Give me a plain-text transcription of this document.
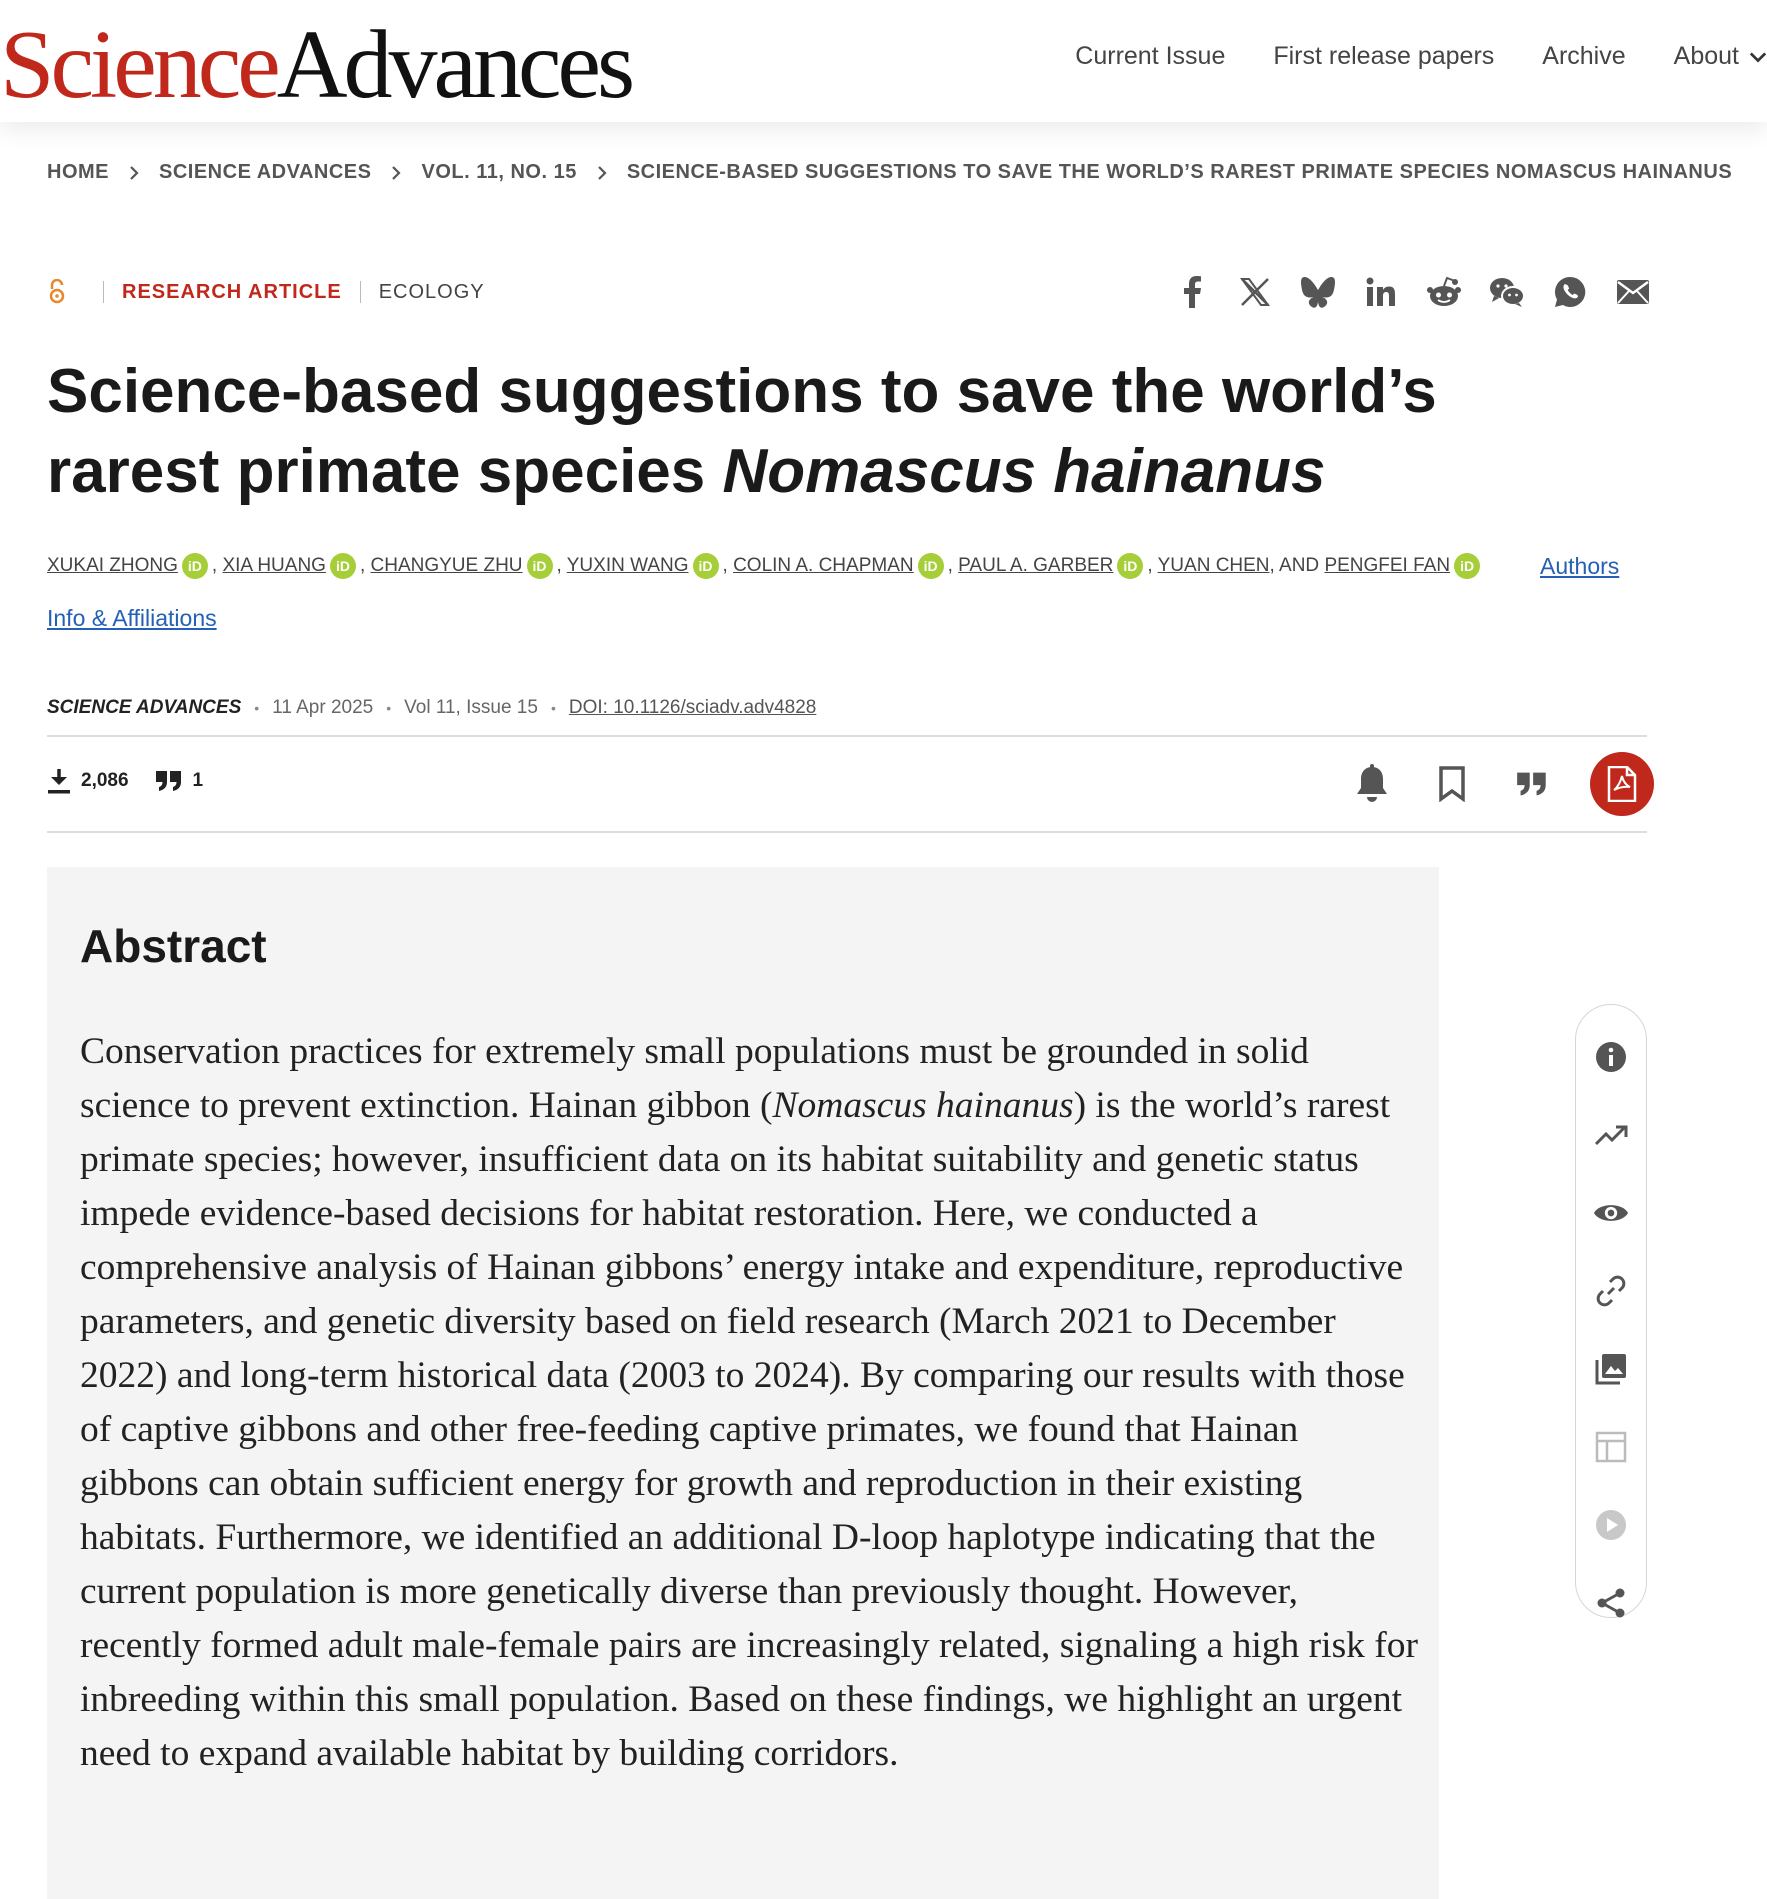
ScienceAdvances	Current Issue First release papers Archive About
HOME	SCIENCE ADVANCES	VOL. 11, NO. 15	SCIENCE-BASED SUGGESTIONS TO SAVE THE WORLD’S RAREST PRIMATE SPECIES NOMASCUS HAINANUS
RESEARCH ARTICLE ECOLOGY
Science-based suggestions to save the world’s rarest primate species Nomascus hainanus
XUKAI ZHONG iD , XIA HUANG iD , CHANGYUE ZHU iD , YUXIN WANG iD , COLIN A. CHAPMAN iD , PAUL A. GARBER iD , YUAN CHEN, AND PENGFEI FAN iD	Authors
Info & Affiliations
SCIENCE ADVANCES • 11 Apr 2025 • Vol 11, Issue 15 • DOI: 10.1126/sciadv.adv4828
2,086	1
Abstract

Conservation practices for extremely small populations must be grounded in solid science to prevent extinction. Hainan gibbon (Nomascus hainanus) is the world’s rarest primate species; however, insufficient data on its habitat suitability and genetic status impede evidence-based decisions for habitat restoration. Here, we conducted a comprehensive analysis of Hainan gibbons’ energy intake and expenditure, reproductive parameters, and genetic diversity based on field research (March 2021 to December 2022) and long-term historical data (2003 to 2024). By comparing our results with those of captive gibbons and other free-feeding captive primates, we found that Hainan gibbons can obtain sufficient energy for growth and reproduction in their existing habitats. Furthermore, we identified an additional D-loop haplotype indicating that the current population is more genetically diverse than previously thought. However, recently formed adult male-female pairs are increasingly related, signaling a high risk for inbreeding within this small population. Based on these findings, we highlight an urgent need to expand available habitat by building corridors.
